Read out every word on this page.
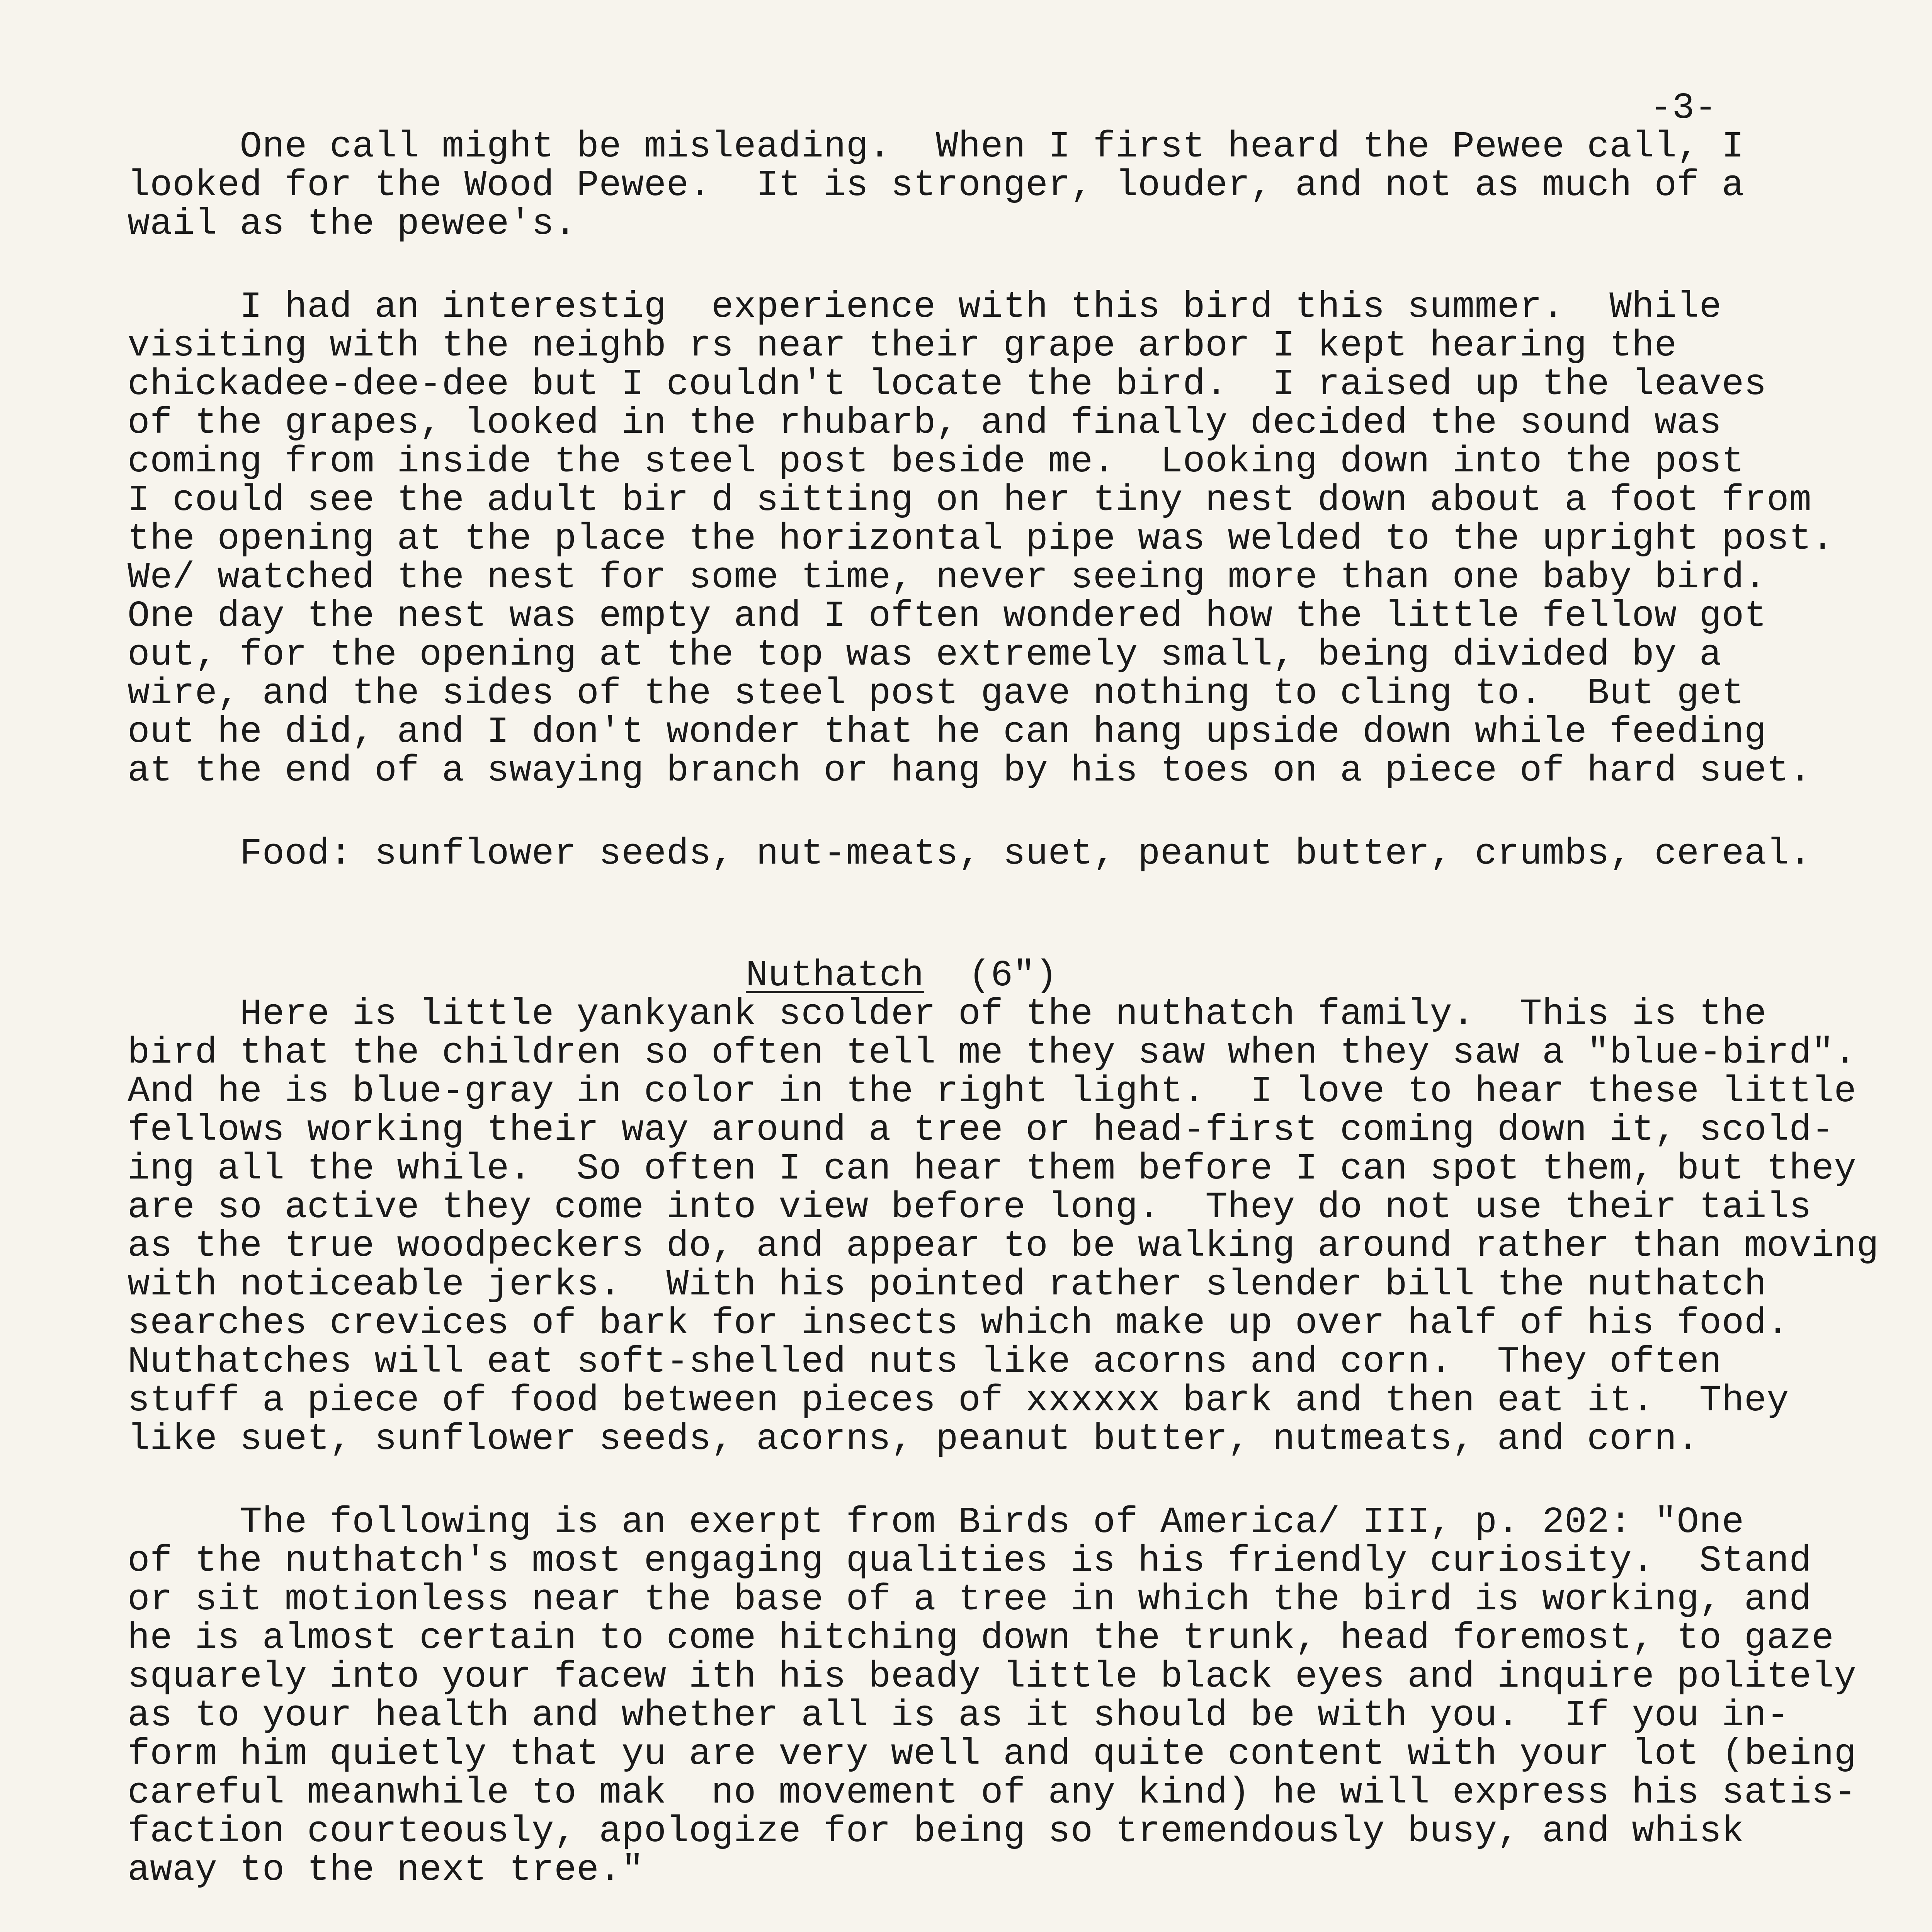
-3-
One call might be misleading.  When I first heard the Pewee call, I
looked for the Wood Pewee.  It is stronger, louder, and not as much of a
wail as the pewee's.
I had an interestig  experience with this bird this summer.  While
visiting with the neighb rs near their grape arbor I kept hearing the
chickadee-dee-dee but I couldn't locate the bird.  I raised up the leaves
of the grapes, looked in the rhubarb, and finally decided the sound was
coming from inside the steel post beside me.  Looking down into the post
I could see the adult bir d sitting on her tiny nest down about a foot from
the opening at the place the horizontal pipe was welded to the upright post.
We/ watched the nest for some time, never seeing more than one baby bird.
One day the nest was empty and I often wondered how the little fellow got
out, for the opening at the top was extremely small, being divided by a
wire, and the sides of the steel post gave nothing to cling to.  But get
out he did, and I don't wonder that he can hang upside down while feeding
at the end of a swaying branch or hang by his toes on a piece of hard suet.
Food: sunflower seeds, nut-meats, suet, peanut butter, crumbs, cereal.
Nuthatch  (6")
Here is little yankyank scolder of the nuthatch family.  This is the
bird that the children so often tell me they saw when they saw a "blue-bird".
And he is blue-gray in color in the right light.  I love to hear these little
fellows working their way around a tree or head-first coming down it, scold-
ing all the while.  So often I can hear them before I can spot them, but they
are so active they come into view before long.  They do not use their tails
as the true woodpeckers do, and appear to be walking around rather than moving
with noticeable jerks.  With his pointed rather slender bill the nuthatch
searches crevices of bark for insects which make up over half of his food.
Nuthatches will eat soft-shelled nuts like acorns and corn.  They often
stuff a piece of food between pieces of xxxxxx bark and then eat it.  They
like suet, sunflower seeds, acorns, peanut butter, nutmeats, and corn.
The following is an exerpt from Birds of America/ III, p. 202: "One
of the nuthatch's most engaging qualities is his friendly curiosity.  Stand
or sit motionless near the base of a tree in which the bird is working, and
he is almost certain to come hitching down the trunk, head foremost, to gaze
squarely into your facew ith his beady little black eyes and inquire politely
as to your health and whether all is as it should be with you.  If you in-
form him quietly that yu are very well and quite content with your lot (being
careful meanwhile to mak  no movement of any kind) he will express his satis-
faction courteously, apologize for being so tremendously busy, and whisk
away to the next tree."
